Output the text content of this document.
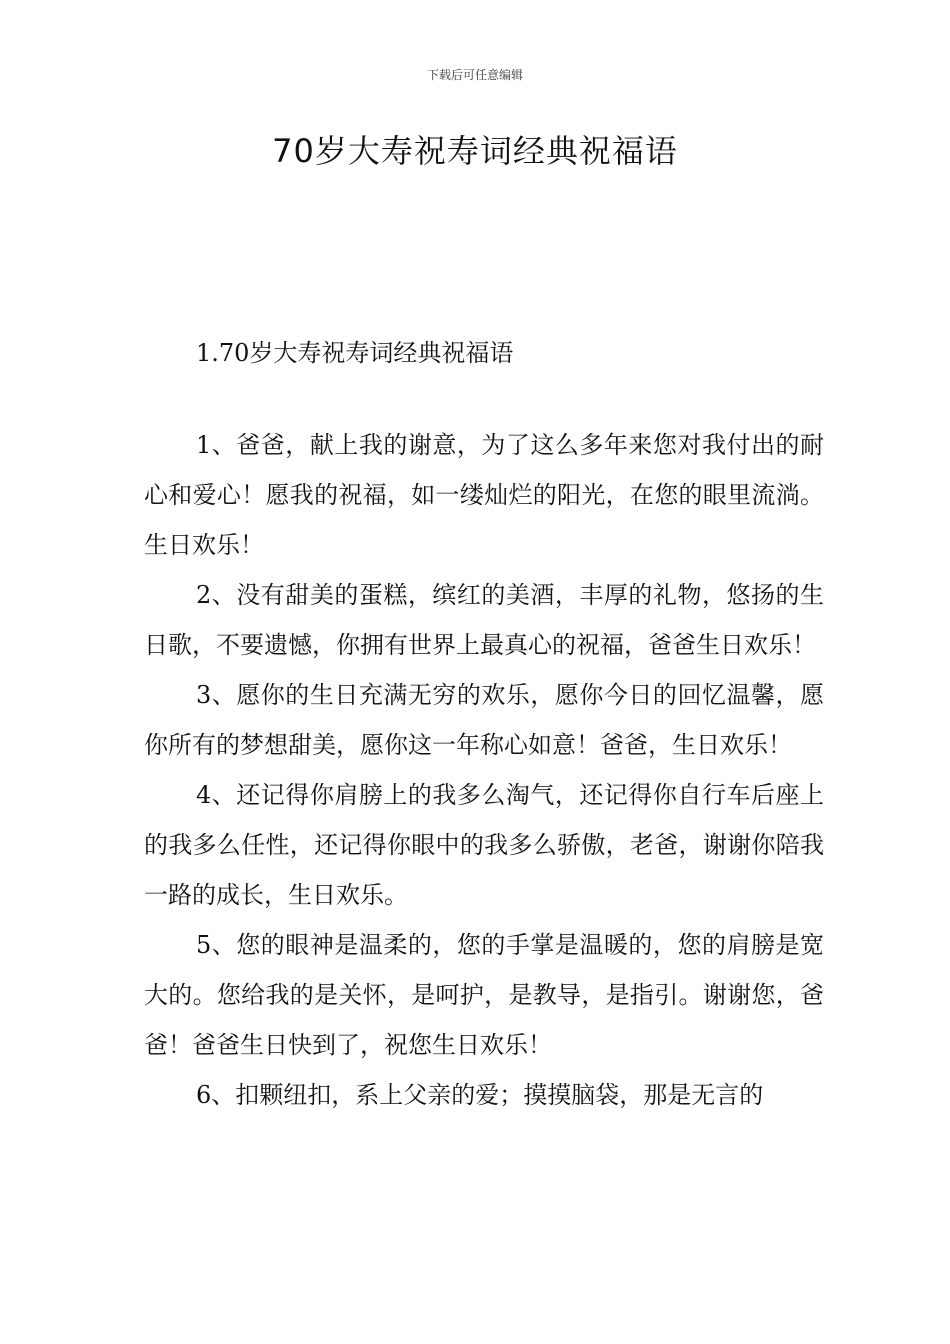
下载后可任意编辑
70岁大寿祝寿词经典祝福语
1.70岁大寿祝寿词经典祝福语

1、爸爸，献上我的谢意，为了这么多年来您对我付出的耐心和爱心！愿我的祝福，如一缕灿烂的阳光，在您的眼里流淌。生日欢乐！

2、没有甜美的蛋糕，缤红的美酒，丰厚的礼物，悠扬的生日歌，不要遗憾，你拥有世界上最真心的祝福，爸爸生日欢乐！

3、愿你的生日充满无穷的欢乐，愿你今日的回忆温馨，愿你所有的梦想甜美，愿你这一年称心如意！爸爸，生日欢乐！

4、还记得你肩膀上的我多么淘气，还记得你自行车后座上的我多么任性，还记得你眼中的我多么骄傲，老爸，谢谢你陪我一路的成长，生日欢乐。

5、您的眼神是温柔的，您的手掌是温暖的，您的肩膀是宽大的。您给我的是关怀，是呵护，是教导，是指引。谢谢您，爸爸！爸爸生日快到了，祝您生日欢乐！

6、扣颗纽扣，系上父亲的爱；摸摸脑袋，那是无言的
